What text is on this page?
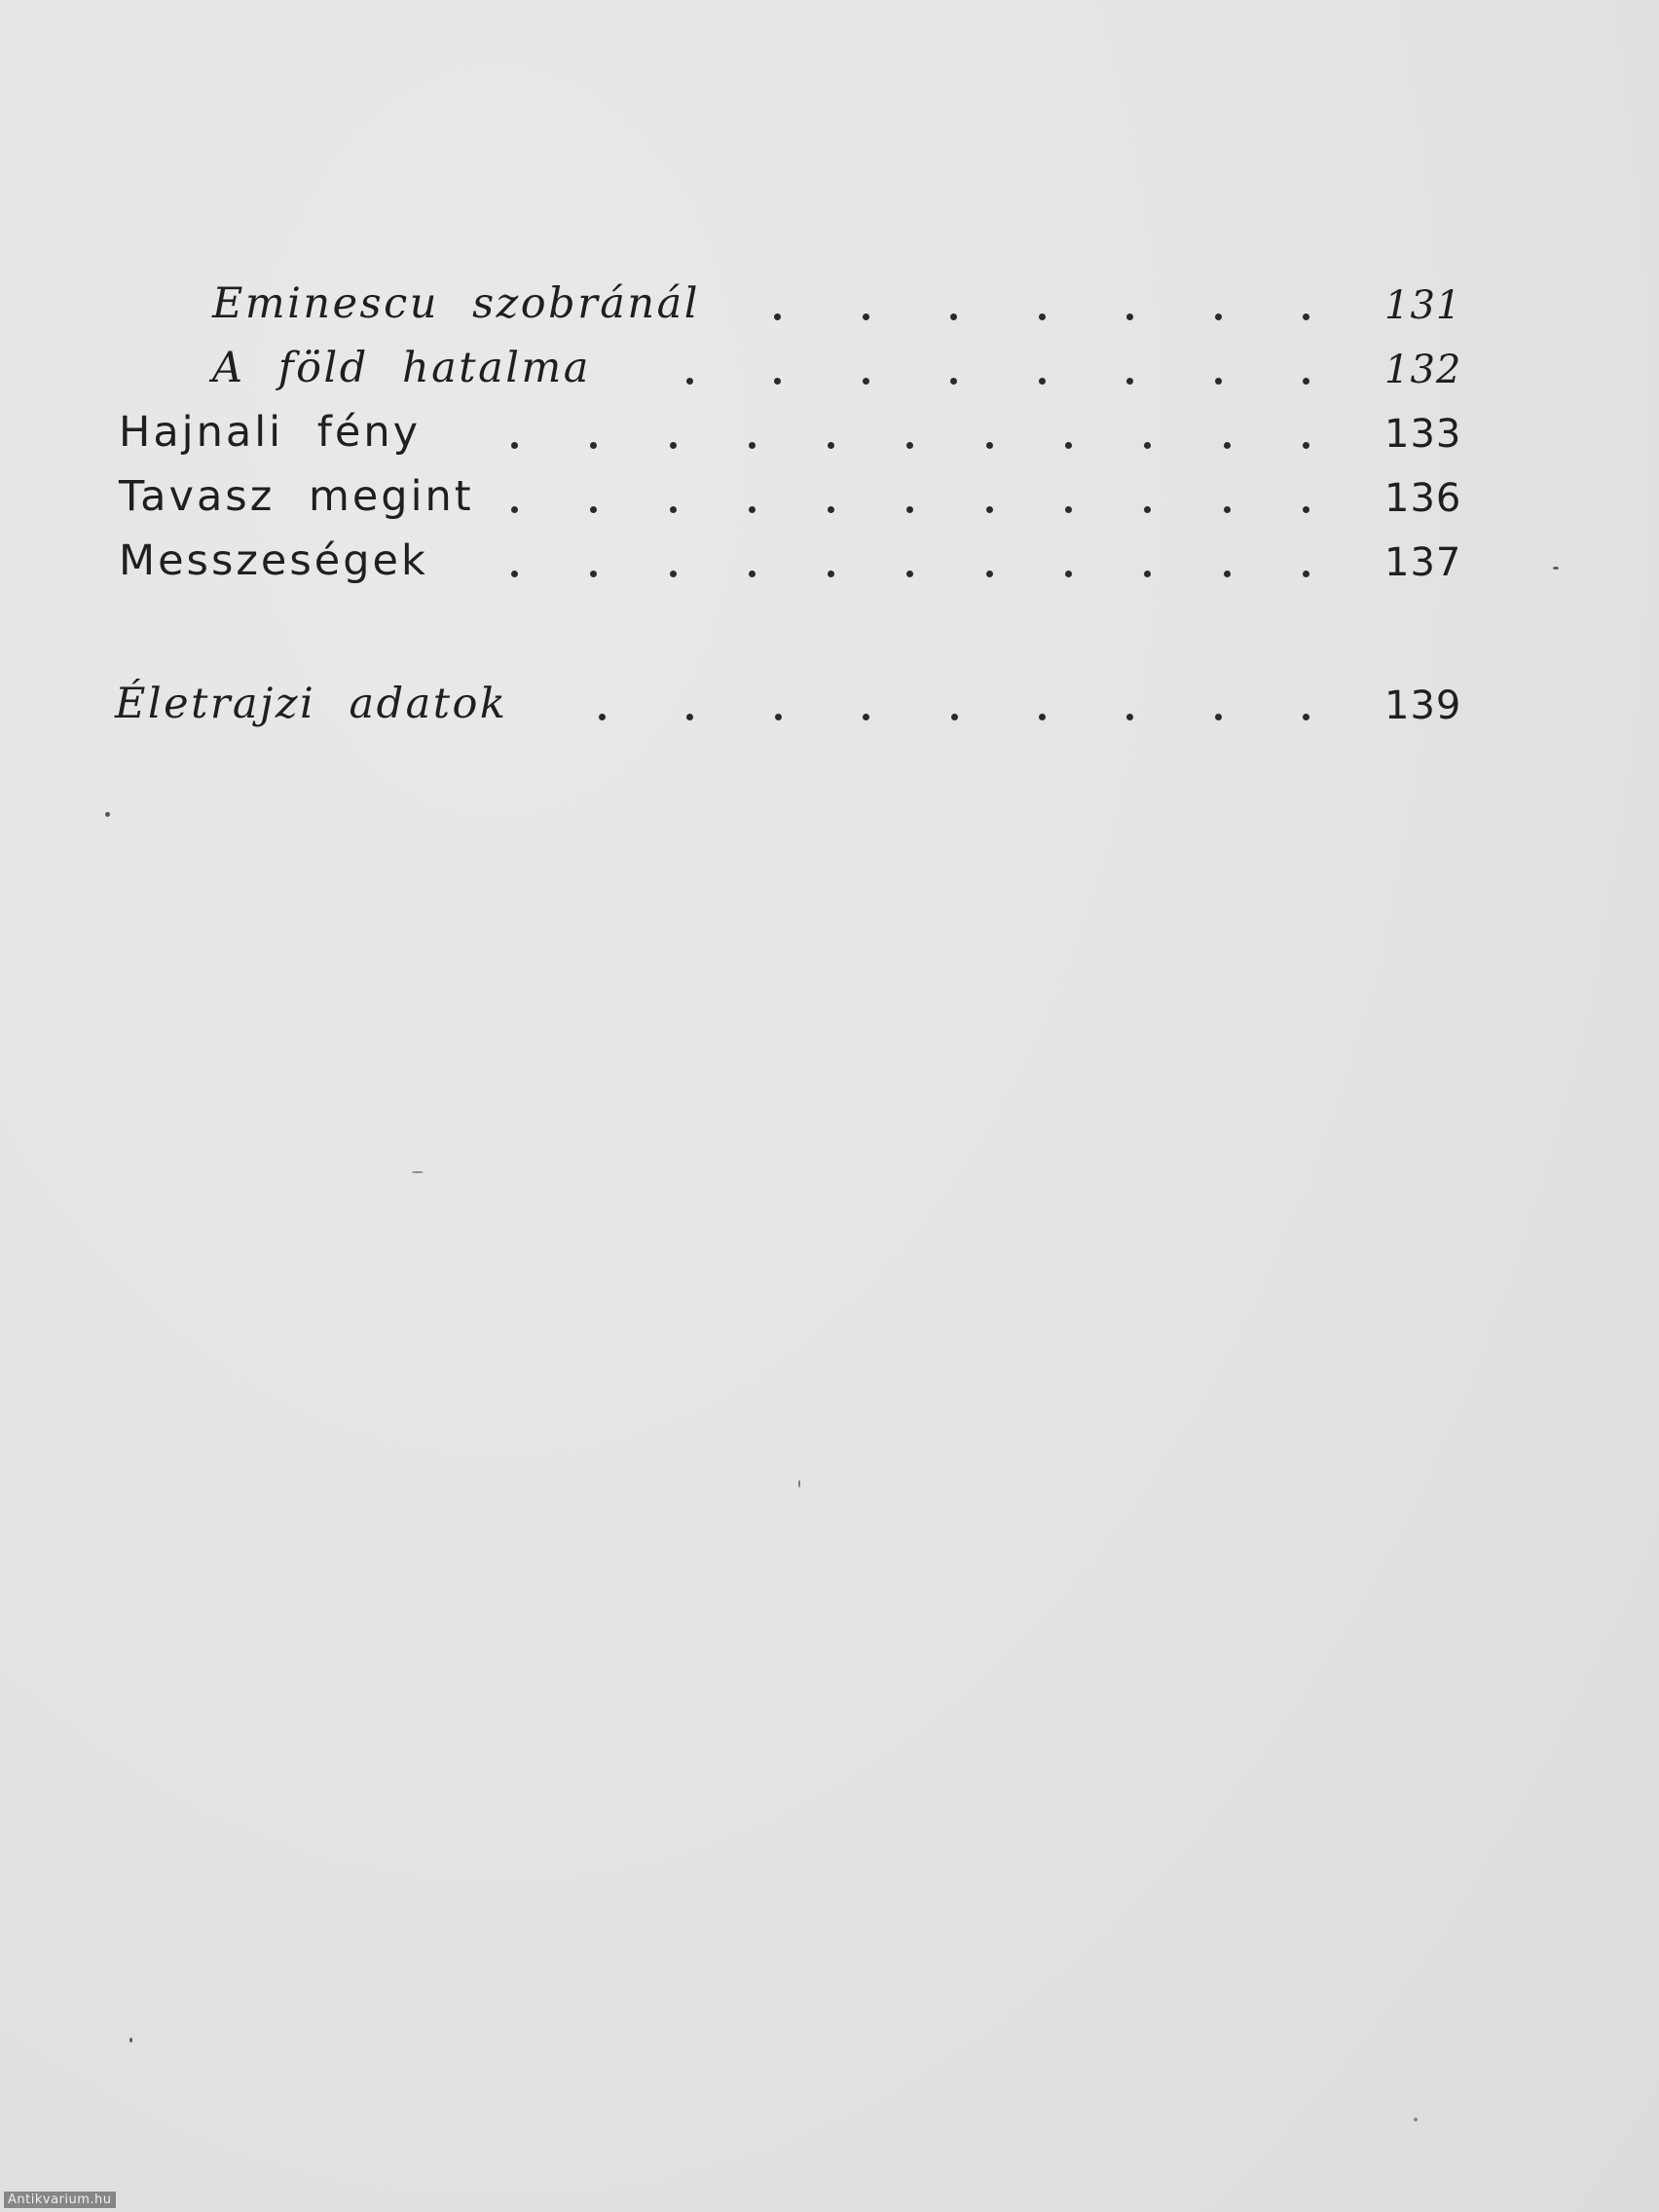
Eminescu szobránál	131
A föld hatalma	132
Hajnali fény	133
Tavasz megint	136
Messzeségek	137
Életrajzi adatok	139
Antikvarium.hu
